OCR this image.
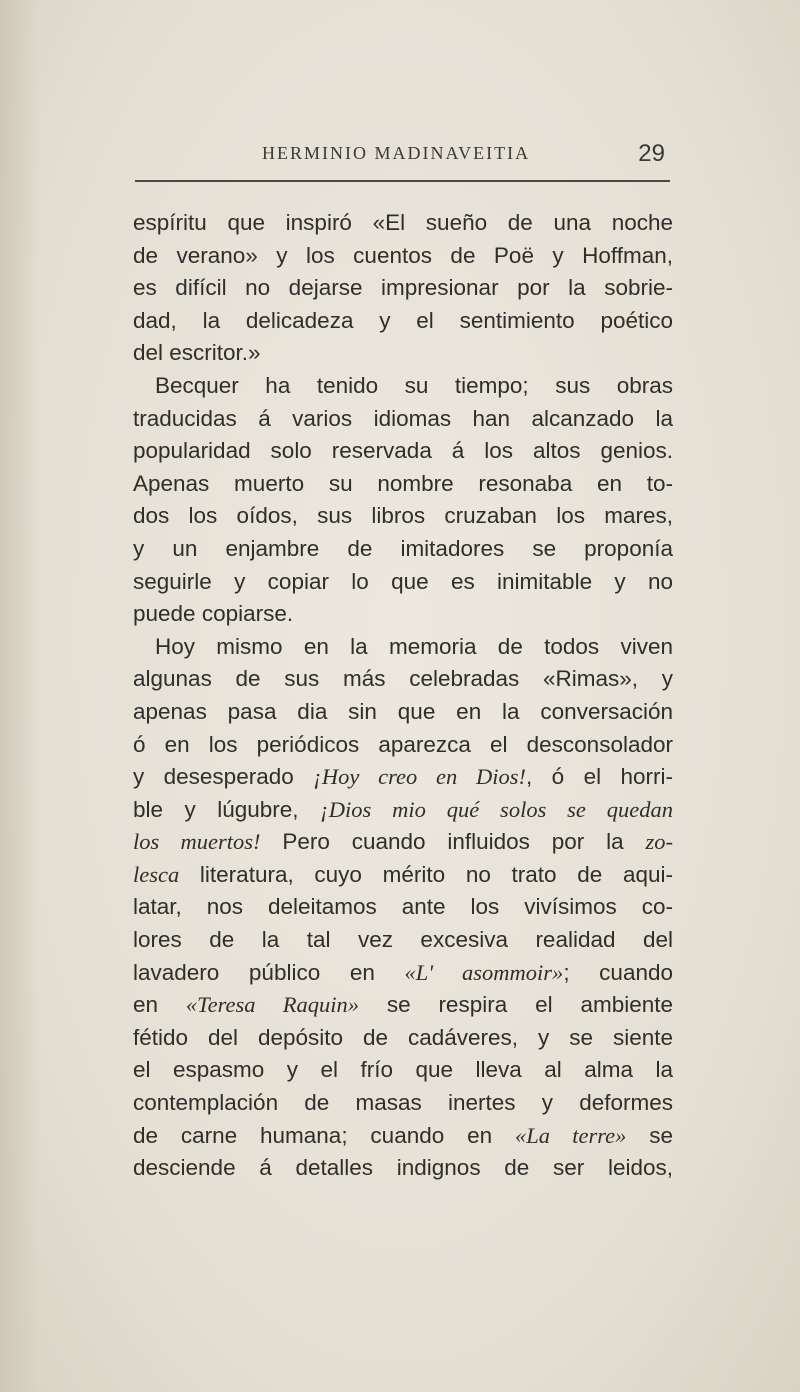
HERMINIO MADINAVEITIA	29
espíritu que inspiró «El sueño de una noche
de verano» y los cuentos de Poë y Hoffman,
es difícil no dejarse impresionar por la sobrie-
dad, la delicadeza y el sentimiento poético
del escritor.»
Becquer ha tenido su tiempo; sus obras
traducidas á varios idiomas han alcanzado la
popularidad solo reservada á los altos genios.
Apenas muerto su nombre resonaba en to-
dos los oídos, sus libros cruzaban los mares,
y un enjambre de imitadores se proponía
seguirle y copiar lo que es inimitable y no
puede copiarse.
Hoy mismo en la memoria de todos viven
algunas de sus más celebradas «Rimas», y
apenas pasa dia sin que en la conversación
ó en los periódicos aparezca el desconsolador
y desesperado ¡Hoy creo en Dios!, ó el horri-
ble y lúgubre, ¡Dios mio qué solos se quedan
los muertos! Pero cuando influidos por la zo-
lesca literatura, cuyo mérito no trato de aqui-
latar, nos deleitamos ante los vivísimos co-
lores de la tal vez excesiva realidad del
lavadero público en «L' asommoir»; cuando
en «Teresa Raquin» se respira el ambiente
fétido del depósito de cadáveres, y se siente
el espasmo y el frío que lleva al alma la
contemplación de masas inertes y deformes
de carne humana; cuando en «La terre» se
desciende á detalles indignos de ser leidos,
